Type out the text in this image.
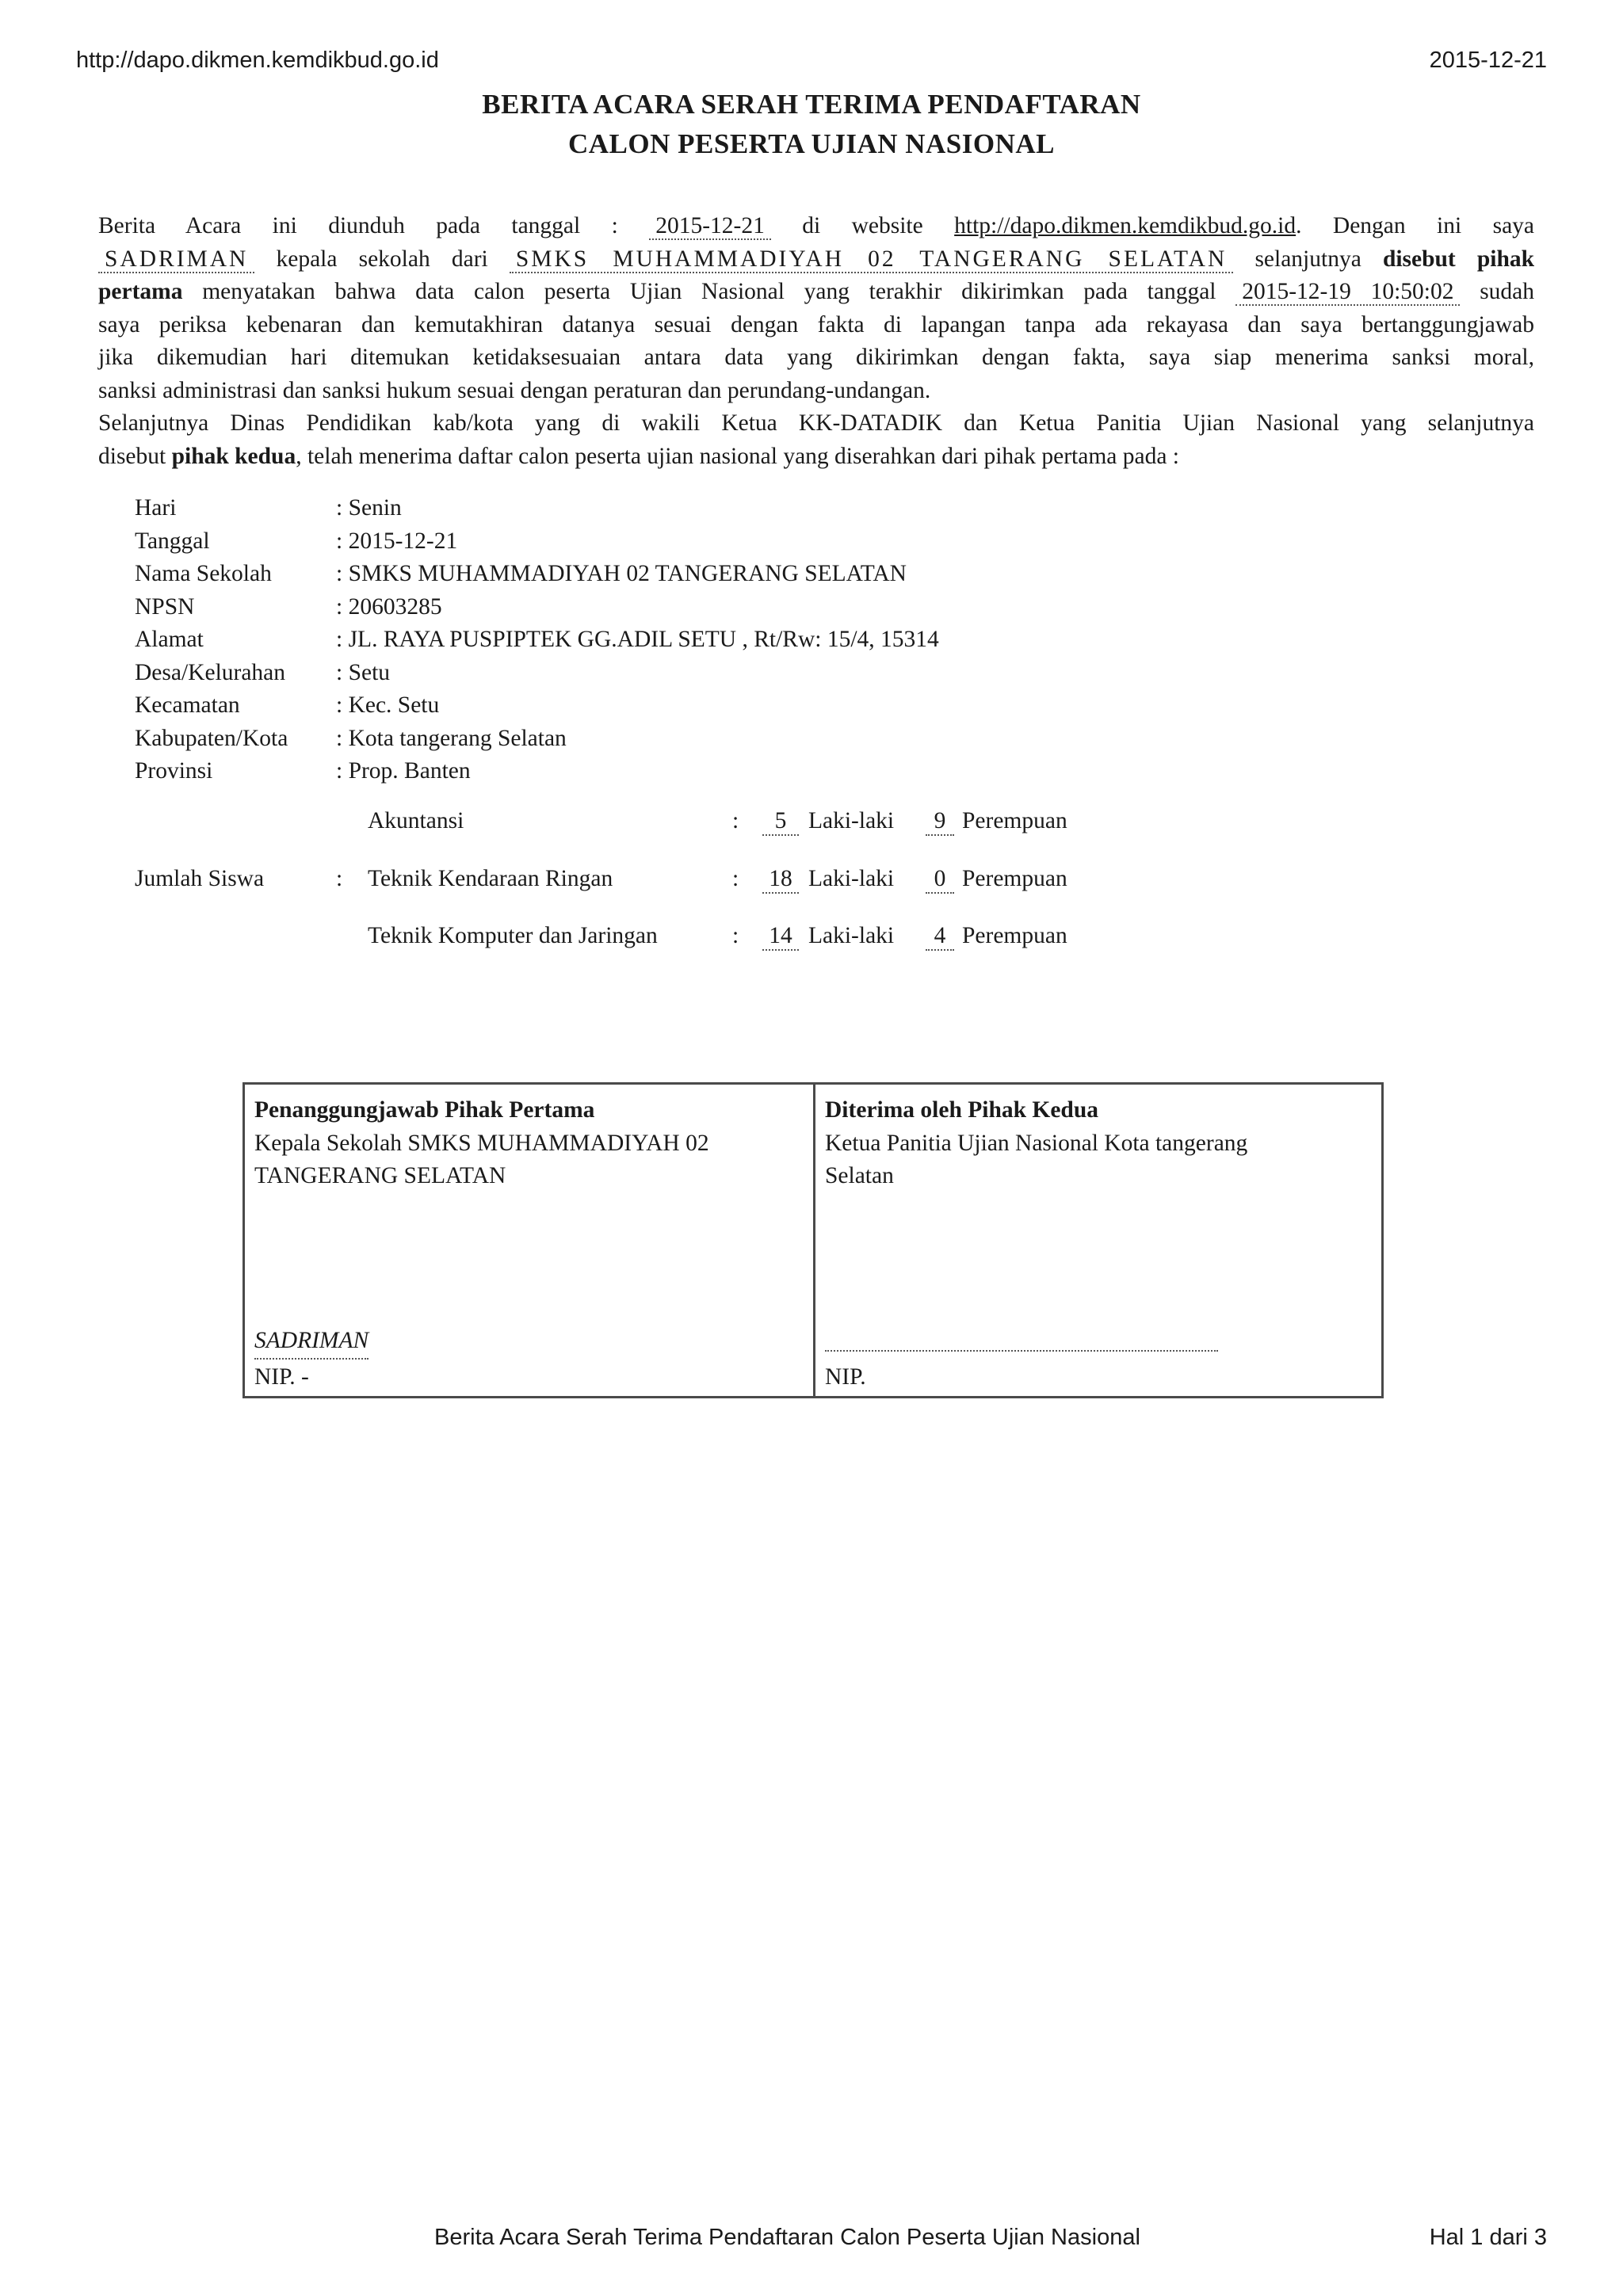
http://dapo.dikmen.kemdikbud.go.id	2015-12-21
BERITA ACARA SERAH TERIMA PENDAFTARAN
CALON PESERTA UJIAN NASIONAL
Berita Acara ini diunduh pada tanggal : 2015-12-21 di website http://dapo.dikmen.kemdikbud.go.id. Dengan ini saya
SADRIMAN kepala sekolah dari SMKS MUHAMMADIYAH 02 TANGERANG SELATAN selanjutnya disebut pihak
pertama menyatakan bahwa data calon peserta Ujian Nasional yang terakhir dikirimkan pada tanggal 2015-12-19 10:50:02 sudah
saya periksa kebenaran dan kemutakhiran datanya sesuai dengan fakta di lapangan tanpa ada rekayasa dan saya bertanggungjawab
jika dikemudian hari ditemukan ketidaksesuaian antara data yang dikirimkan dengan fakta, saya siap menerima sanksi moral,
sanksi administrasi dan sanksi hukum sesuai dengan peraturan dan perundang-undangan.
Selanjutnya Dinas Pendidikan kab/kota yang di wakili Ketua KK-DATADIK dan Ketua Panitia Ujian Nasional yang selanjutnya
disebut pihak kedua, telah menerima daftar calon peserta ujian nasional yang diserahkan dari pihak pertama pada :
Hari	: Senin
Tanggal	: 2015-12-21
Nama Sekolah	: SMKS MUHAMMADIYAH 02 TANGERANG SELATAN
NPSN	: 20603285
Alamat	: JL. RAYA PUSPIPTEK GG.ADIL SETU , Rt/Rw: 15/4, 15314
Desa/Kelurahan	: Setu
Kecamatan	: Kec. Setu
Kabupaten/Kota	: Kota tangerang Selatan
Provinsi	: Prop. Banten
Akuntansi	:	5 Laki-laki	9 Perempuan
Jumlah Siswa	: Teknik Kendaraan Ringan	: 18 Laki-laki	0 Perempuan
Teknik Komputer dan Jaringan	: 14 Laki-laki	4 Perempuan
Penanggungjawab Pihak Pertama
Kepala Sekolah SMKS MUHAMMADIYAH 02
TANGERANG SELATAN
SADRIMAN
NIP. -
Diterima oleh Pihak Kedua
Ketua Panitia Ujian Nasional Kota tangerang
Selatan
NIP.
Berita Acara Serah Terima Pendaftaran Calon Peserta Ujian Nasional	Hal 1 dari 3
